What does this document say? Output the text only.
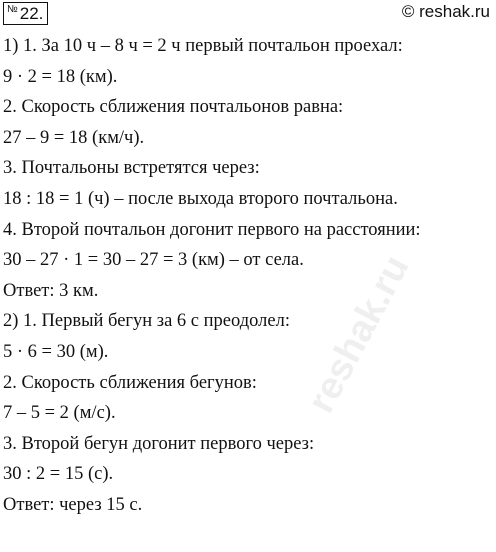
№ 22.	© reshak.ru
1) 1. За 10 ч – 8 ч = 2 ч первый почтальон проехал:
9 · 2 = 18 (км).
2. Скорость сближения почтальонов равна:
27 – 9 = 18 (км/ч).
3. Почтальоны встретятся через:
18 : 18 = 1 (ч) – после выхода второго почтальона.
4. Второй почтальон догонит первого на расстоянии:
30 – 27 · 1 = 30 – 27 = 3 (км) – от села.
Ответ: 3 км.
2) 1. Первый бегун за 6 с преодолел:
5 · 6 = 30 (м).
2. Скорость сближения бегунов:
7 – 5 = 2 (м/с).
3. Второй бегун догонит первого через:
30 : 2 = 15 (с).
Ответ: через 15 с.
reshak.ru
